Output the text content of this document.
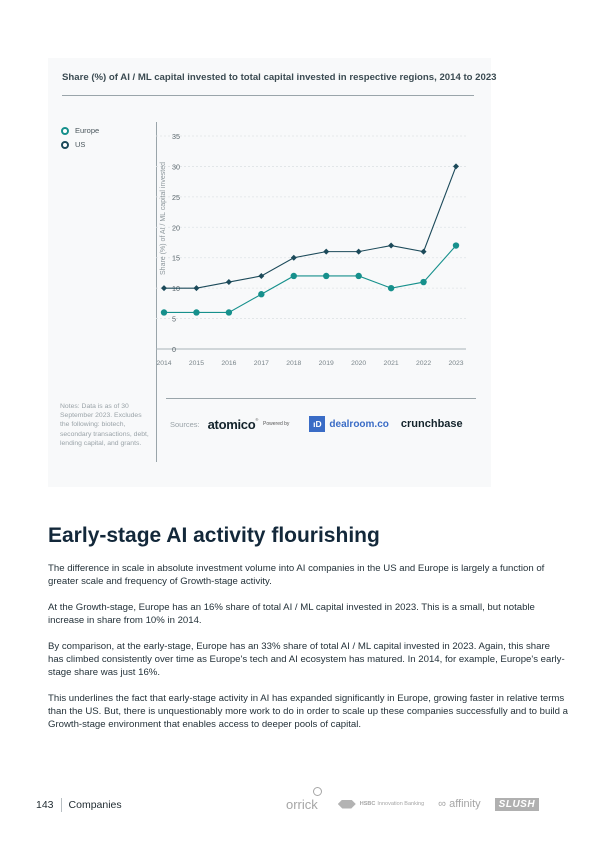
Share (%) of AI / ML capital invested to total capital invested in respective regions, 2014 to 2023
Europe
US
0
5
10
15
20
25
30
35
2014	2015	2016	2017	2018	2019	2020	2021	2022	2023
Share (%) of AI / ML capital invested
Notes: Data is as of 30 September 2023. Excludes the following: biotech, secondary transactions, debt, lending capital, and grants.
Sources: atomico®
Powered by	ıD dealroom.co crunchbase
Early-stage AI activity flourishing

The difference in scale in absolute investment volume into AI companies in the US and Europe is largely a function of greater scale and frequency of Growth-stage activity.

At the Growth-stage, Europe has an 16% share of total AI / ML capital invested in 2023. This is a small, but notable increase in share from 10% in 2014.

By comparison, at the early-stage, Europe has an 33% share of total AI / ML capital invested in 2023. Again, this share has climbed consistently over time as Europe's tech and AI ecosystem has matured. In 2014, for example, Europe's early-stage share was just 16%.

This underlines the fact that early-stage activity in AI has expanded significantly in Europe, growing faster in relative terms than the US. But, there is unquestionably more work to do in order to scale up these companies successfully and to build a Growth-stage environment that enables access to deeper pools of capital.

143 Companies	orrick	HSBC Innovation Banking ∞ affinity	SLUSH
